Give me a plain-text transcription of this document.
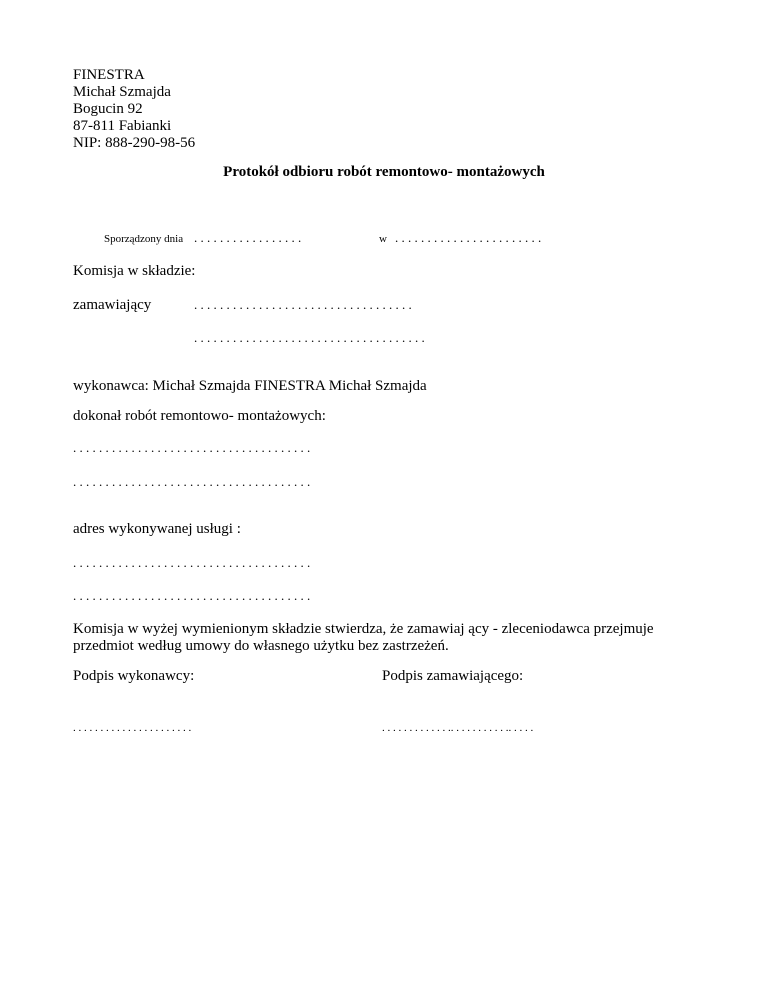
FINESTRA
Michał Szmajda
Bogucin 92
87-811 Fabianki
NIP: 888-290-98-56
Protokół odbioru robót remontowo- montażowych
Sporządzony dnia . . . . . . . . . . . . . . . . .	w . . . . . . . . . . . . . . . . . . . . . . .
Komisja w składzie:
zamawiający	. . . . . . . . . . . . . . . . . . . . . . . . . . . . . . . . . .
. . . . . . . . . . . . . . . . . . . . . . . . . . . . . . . . . . . .
wykonawca: Michał Szmajda FINESTRA Michał Szmajda
dokonał robót remontowo- montażowych:
. . . . . . . . . . . . . . . . . . . . . . . . . . . . . . . . . . . . .
. . . . . . . . . . . . . . . . . . . . . . . . . . . . . . . . . . . . .
adres wykonywanej usługi :
. . . . . . . . . . . . . . . . . . . . . . . . . . . . . . . . . . . . .
. . . . . . . . . . . . . . . . . . . . . . . . . . . . . . . . . . . . .
Komisja w wyżej wymienionym składzie stwierdza, że zamawiaj ący - zleceniodawca przejmuje przedmiot według umowy do własnego użytku bez zastrzeżeń.
Podpis wykonawcy:	Podpis zamawiającego:
. . . . . . . . . . . . . . . . . . . . . .	. . . . . . . . . . . . .. . . . . . . . . . .. . . . .
